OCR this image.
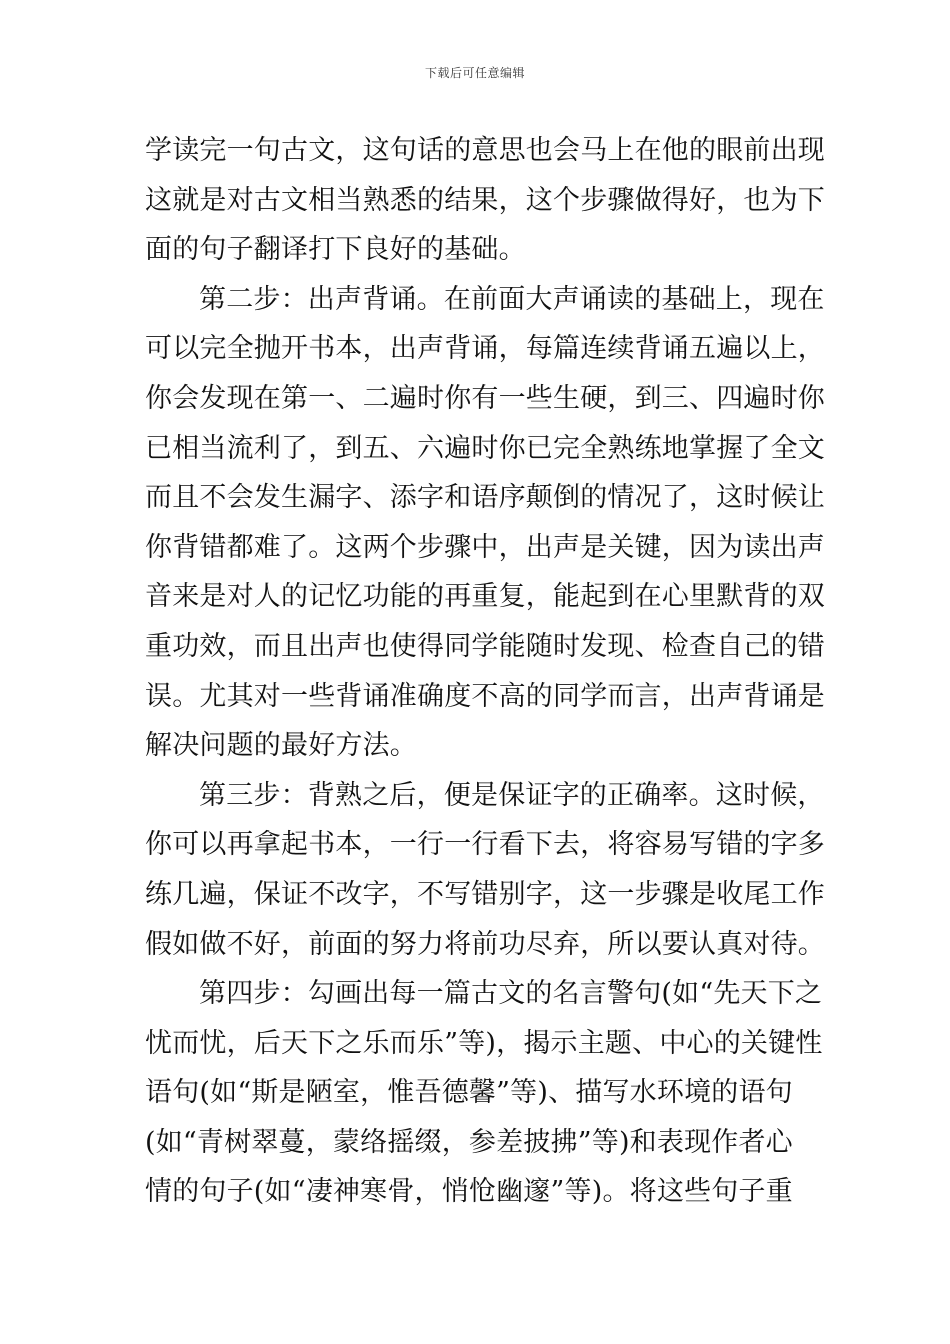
下载后可任意编辑
学读完一句古文，这句话的意思也会马上在他的眼前出现
这就是对古文相当熟悉的结果，这个步骤做得好，也为下
面的句子翻译打下良好的基础。
第二步：出声背诵。在前面大声诵读的基础上，现在
可以完全抛开书本，出声背诵，每篇连续背诵五遍以上，
你会发现在第一、二遍时你有一些生硬，到三、四遍时你
已相当流利了，到五、六遍时你已完全熟练地掌握了全文
而且不会发生漏字、添字和语序颠倒的情况了，这时候让
你背错都难了。这两个步骤中，出声是关键，因为读出声
音来是对人的记忆功能的再重复，能起到在心里默背的双
重功效，而且出声也使得同学能随时发现、检查自己的错
误。尤其对一些背诵准确度不高的同学而言，出声背诵是
解决问题的最好方法。
第三步：背熟之后，便是保证字的正确率。这时候，
你可以再拿起书本，一行一行看下去，将容易写错的字多
练几遍，保证不改字，不写错别字，这一步骤是收尾工作
假如做不好，前面的努力将前功尽弃，所以要认真对待。
第四步：勾画出每一篇古文的名言警句(如“先天下之
忧而忧，后天下之乐而乐”等)，揭示主题、中心的关键性
语句(如“斯是陋室，惟吾德馨”等)、描写水环境的语句
(如“青树翠蔓，蒙络摇缀，参差披拂”等)和表现作者心
情的句子(如“凄神寒骨，悄怆幽邃”等)。将这些句子重
